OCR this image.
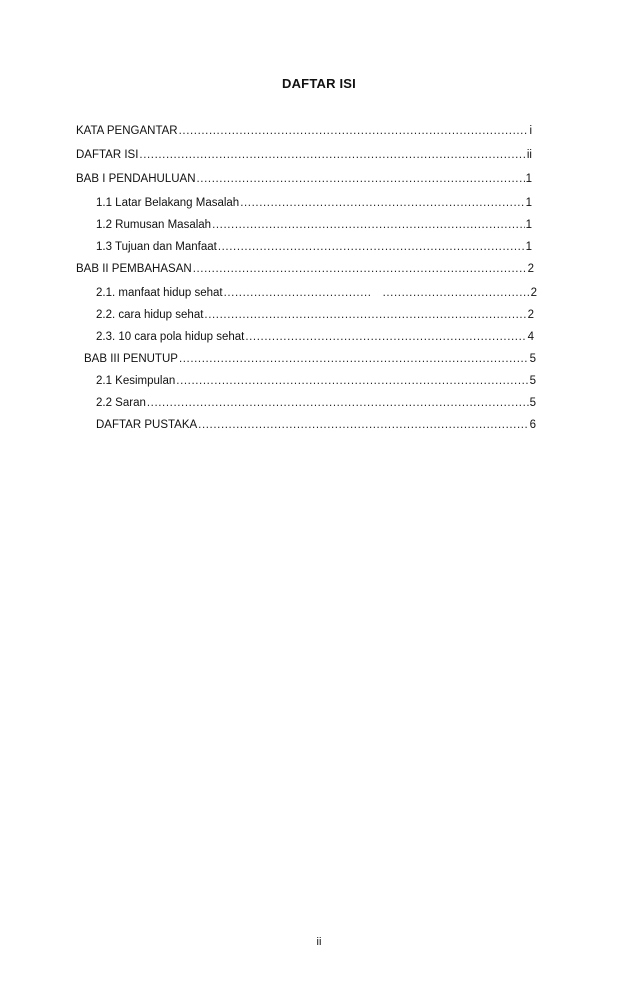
DAFTAR ISI
KATA PENGANTAR .....	i
DAFTAR ISI .....	ii
BAB I PENDAHULUAN .....	1
1.1 Latar Belakang Masalah .....	1
1.2 Rumusan Masalah .....	1
1.3 Tujuan dan Manfaat .....	1
BAB II PEMBAHASAN .....	2
2.1. manfaat hidup sehat ..... .....	2
2.2. cara hidup sehat .....	2
2.3. 10 cara pola hidup sehat .....	4
BAB III PENUTUP .....	5
2.1 Kesimpulan .....	5
2.2 Saran .....	5
DAFTAR PUSTAKA .....	6
ii
